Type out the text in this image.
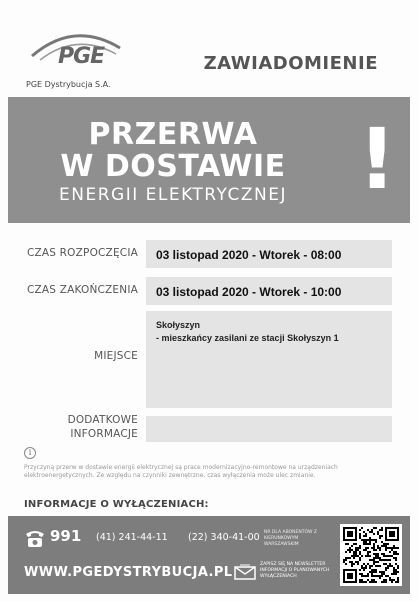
PGE
PGE Dystrybucja S.A.
ZAWIADOMIENIE
PRZERWA
W DOSTAWIE
ENERGII ELEKTRYCZNEJ !
CZAS ROZPOCZĘCIA 03 listopad 2020 - Wtorek - 08:00
CZAS ZAKOŃCZENIA 03 listopad 2020 - Wtorek - 10:00
MIEJSCE
Skołyszyn
- mieszkańcy zasilani ze stacji Skołyszyn 1
DODATKOWE
INFORMACJE
i
Przyczyną przerw w dostawie energii elektrycznej są prace modernizacyjno-remontowe na urządzeniach elektroenergetycznych. Ze względu na czynniki zewnętrzne, czas wyłączenia może ulec zmianie.
INFORMACJE O WYŁĄCZENIACH:
991 (41) 241-44-11 (22) 340-41-00 NR DLA ABONENTÓW Z KIERUNKOWYM WARSZAWSKIM
WWW.PGEDYSTRYBUCJA.PL
ZAPISZ SIĘ NA NEWSLETTER INFORMACJI O PLANOWANYCH WYŁĄCZENIACH
